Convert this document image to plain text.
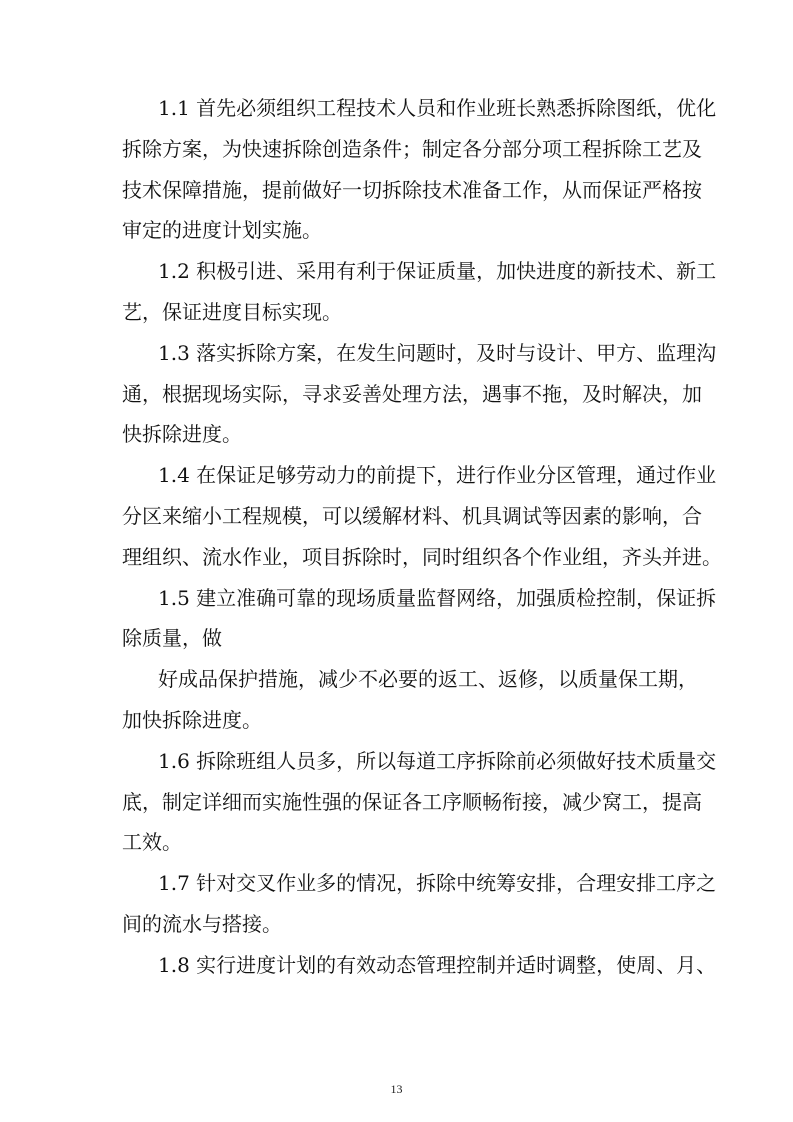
1.1 首先必须组织工程技术人员和作业班长熟悉拆除图纸，优化
拆除方案，为快速拆除创造条件；制定各分部分项工程拆除工艺及
技术保障措施，提前做好一切拆除技术准备工作，从而保证严格按
审定的进度计划实施。

1.2 积极引进、采用有利于保证质量，加快进度的新技术、新工
艺，保证进度目标实现。

1.3 落实拆除方案，在发生问题时，及时与设计、甲方、监理沟
通，根据现场实际，寻求妥善处理方法，遇事不拖，及时解决，加
快拆除进度。

1.4 在保证足够劳动力的前提下，进行作业分区管理，通过作业
分区来缩小工程规模，可以缓解材料、机具调试等因素的影响，合
理组织、流水作业，项目拆除时，同时组织各个作业组，齐头并进。

1.5 建立准确可靠的现场质量监督网络，加强质检控制，保证拆
除质量，做

好成品保护措施，减少不必要的返工、返修，以质量保工期，
加快拆除进度。

1.6 拆除班组人员多，所以每道工序拆除前必须做好技术质量交
底，制定详细而实施性强的保证各工序顺畅衔接，减少窝工，提高
工效。

1.7 针对交叉作业多的情况，拆除中统筹安排，合理安排工序之
间的流水与搭接。

1.8 实行进度计划的有效动态管理控制并适时调整，使周、月、

13
